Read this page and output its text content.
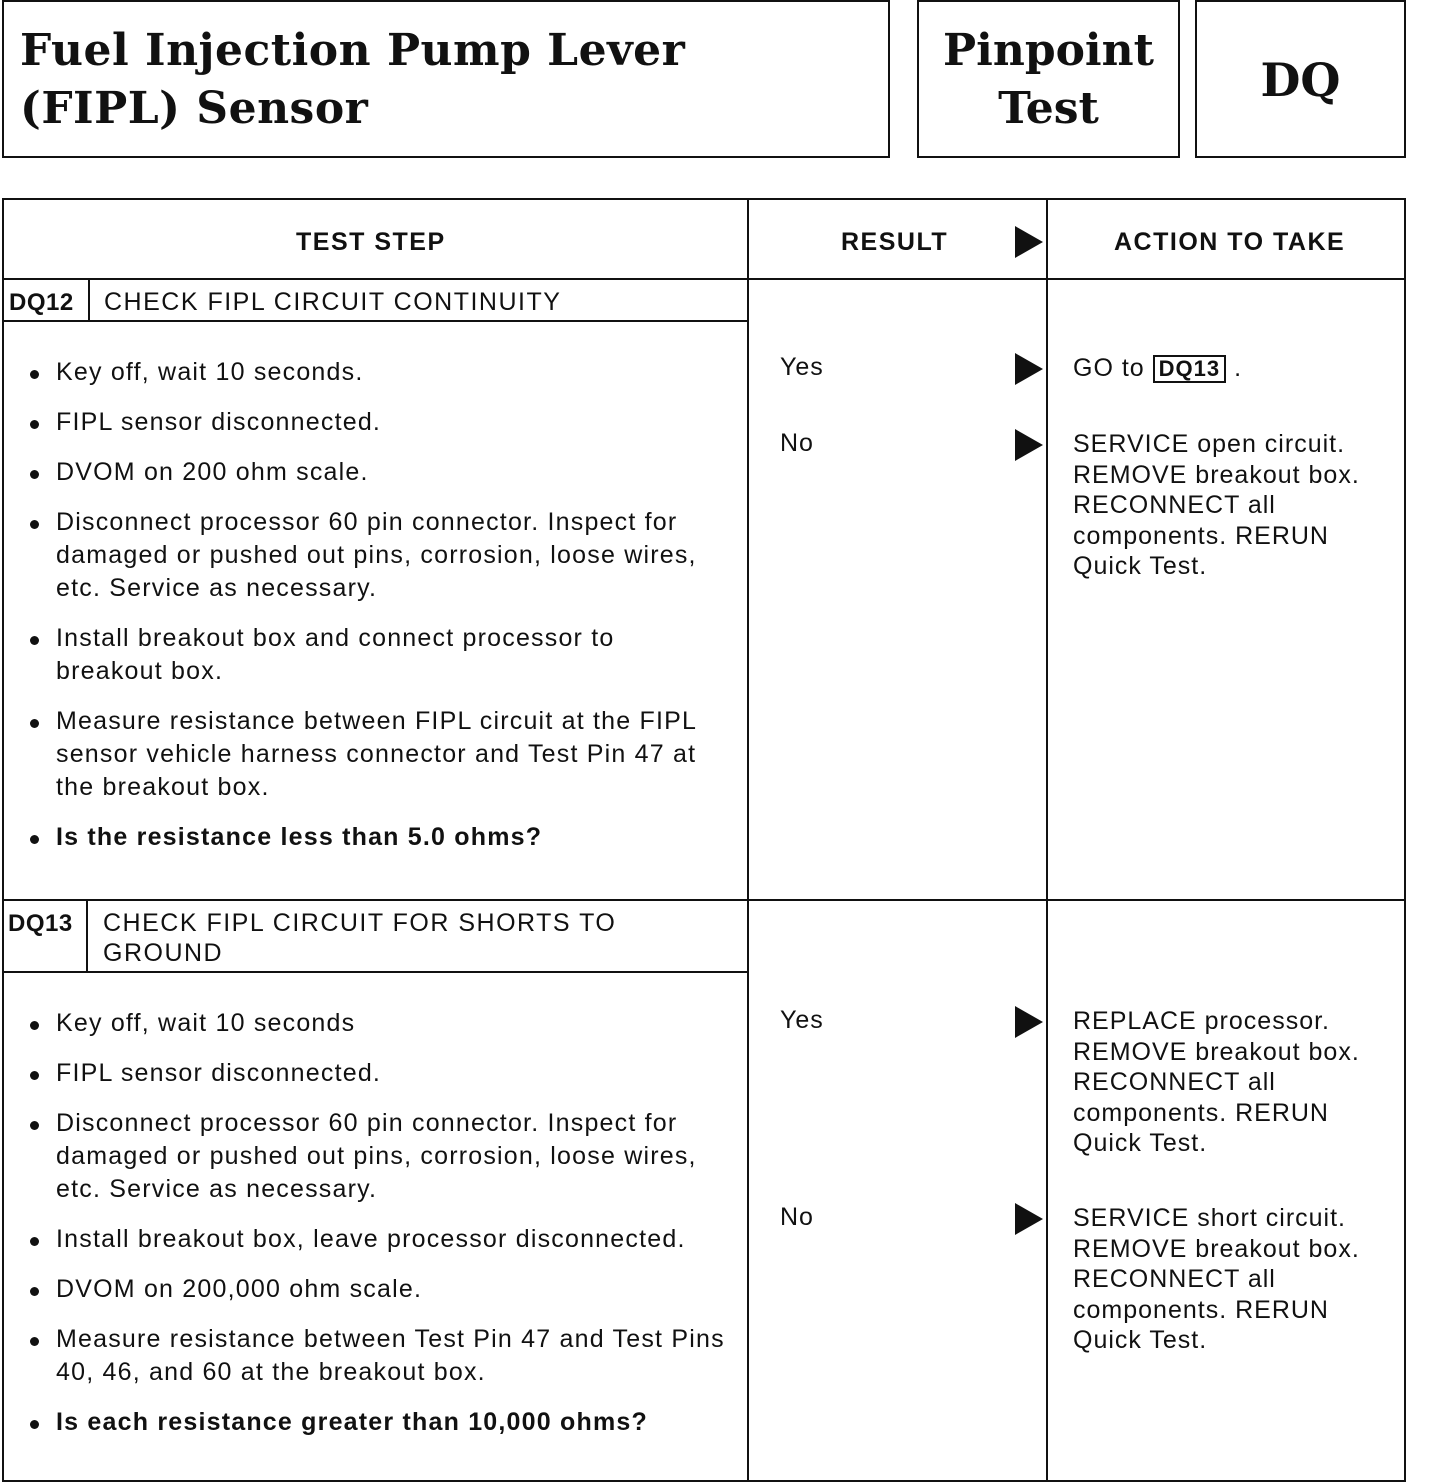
Fuel Injection Pump Lever
(FIPL) Sensor
Pinpoint
Test
DQ
TEST STEP	RESULT	ACTION TO TAKE
DQ12 CHECK FIPL CIRCUIT CONTINUITY
Key off, wait 10 seconds.
FIPL sensor disconnected.
DVOM on 200 ohm scale.
Disconnect processor 60 pin connector. Inspect for damaged or pushed out pins, corrosion, loose wires, etc. Service as necessary.
Install breakout box and connect processor to breakout box.
Measure resistance between FIPL circuit at the FIPL sensor vehicle harness connector and Test Pin 47 at the breakout box.
Is the resistance less than 5.0 ohms?
Yes	GO to DQ13 .
No	SERVICE open circuit. REMOVE breakout box. RECONNECT all components. RERUN Quick Test.
DQ13 CHECK FIPL CIRCUIT FOR SHORTS TO
GROUND
Key off, wait 10 seconds
FIPL sensor disconnected.
Disconnect processor 60 pin connector. Inspect for damaged or pushed out pins, corrosion, loose wires, etc. Service as necessary.
Install breakout box, leave processor disconnected.
DVOM on 200,000 ohm scale.
Measure resistance between Test Pin 47 and Test Pins 40, 46, and 60 at the breakout box.
Is each resistance greater than 10,000 ohms?
Yes	REPLACE processor. REMOVE breakout box. RECONNECT all components. RERUN Quick Test.
No	SERVICE short circuit. REMOVE breakout box. RECONNECT all components. RERUN Quick Test.
